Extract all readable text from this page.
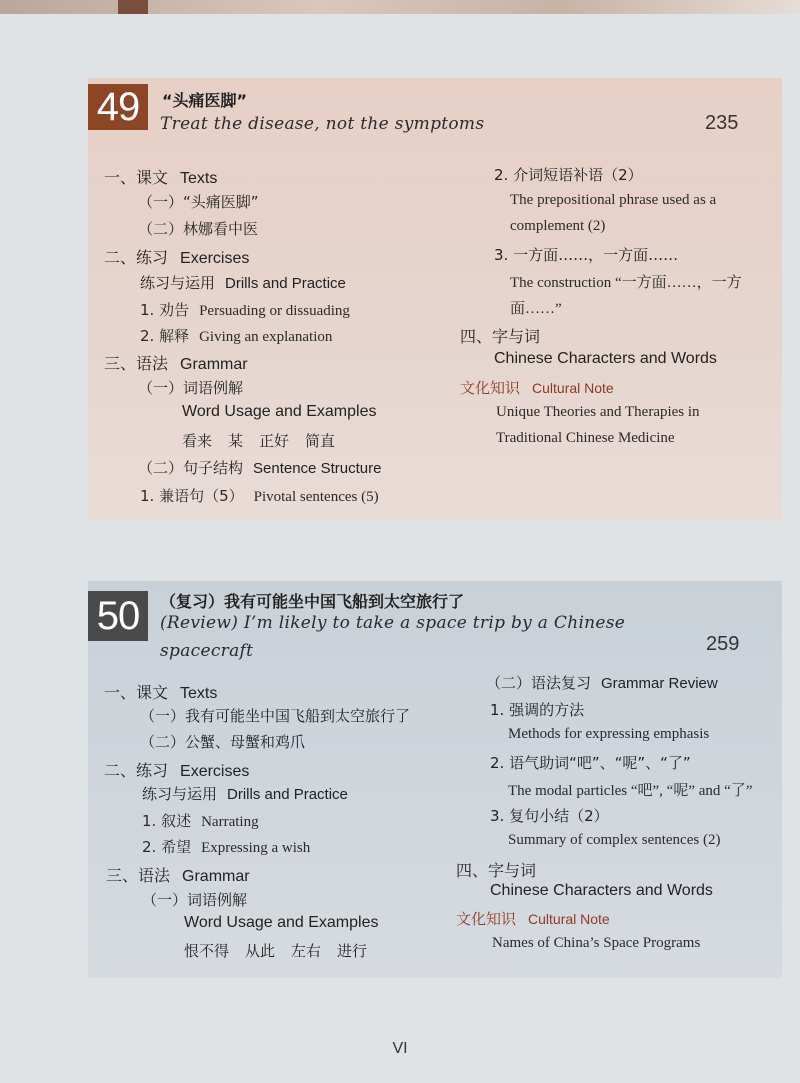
49	“头痛医脚”
Treat the disease, not the symptoms	235
一、课文 Texts
（一）“头痛医脚”
（二）林娜看中医
二、练习 Exercises
练习与运用 Drills and Practice
1. 劝告 Persuading or dissuading
2. 解释 Giving an explanation
三、语法 Grammar
（一）词语例解
Word Usage and Examples
看来 某 正好 简直
（二）句子结构 Sentence Structure
1. 兼语句（5） Pivotal sentences (5)
2. 介词短语补语（2）
The prepositional phrase used as a
complement (2)
3. 一方面……，一方面……
The construction “一方面……，一方
面……”
四、字与词
Chinese Characters and Words
文化知识 Cultural Note
Unique Theories and Therapies in
Traditional Chinese Medicine
50	（复习）我有可能坐中国飞船到太空旅行了
(Review) I’m likely to take a space trip by a Chinese
spacecraft	259
一、课文 Texts
（一）我有可能坐中国飞船到太空旅行了
（二）公蟹、母蟹和鸡爪
二、练习 Exercises
练习与运用 Drills and Practice
1. 叙述 Narrating
2. 希望 Expressing a wish
三、语法 Grammar
（一）词语例解
Word Usage and Examples
恨不得 从此 左右 进行
（二）语法复习 Grammar Review
1. 强调的方法
Methods for expressing emphasis
2. 语气助词“吧”、“呢”、“了”
The modal particles “吧”, “呢” and “了”
3. 复句小结（2）
Summary of complex sentences (2)
四、字与词
Chinese Characters and Words
文化知识 Cultural Note
Names of China’s Space Programs
VI
